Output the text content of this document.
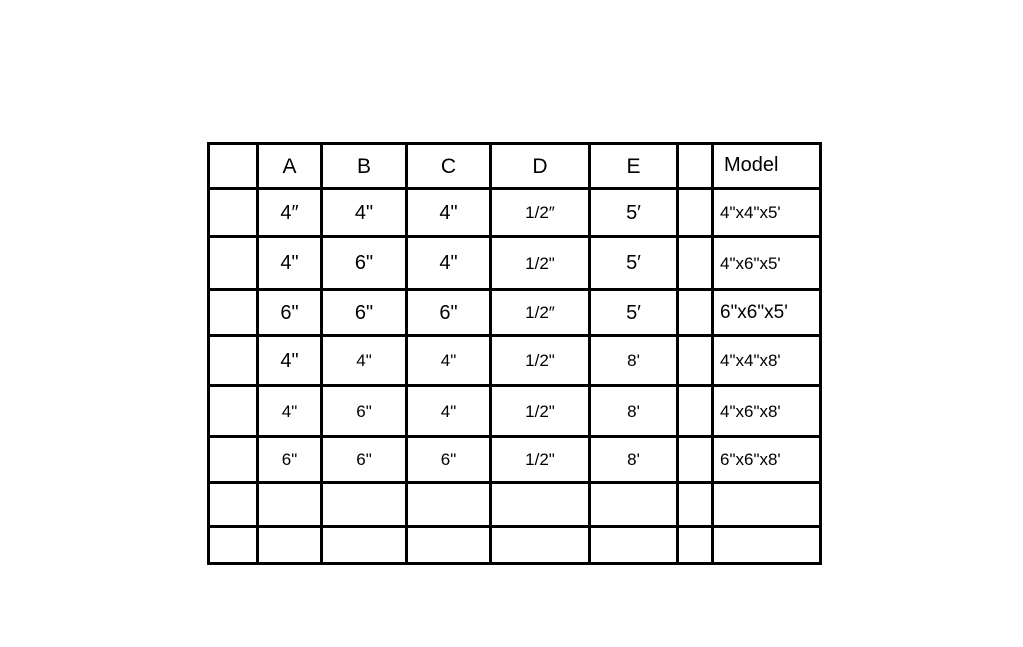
	A	B	C	D	E		Model
	4″	4"	4"	1/2″	5′		4"x4"x5'
	4"	6"	4"	1/2"	5′		4"x6"x5'
	6"	6"	6"	1/2″	5′		6"x6"x5'
	4"	4"	4"	1/2"	8'		4"x4"x8'
	4"	6"	4"	1/2"	8'		4"x6"x8'
	6"	6"	6"	1/2"	8'		6"x6"x8'
